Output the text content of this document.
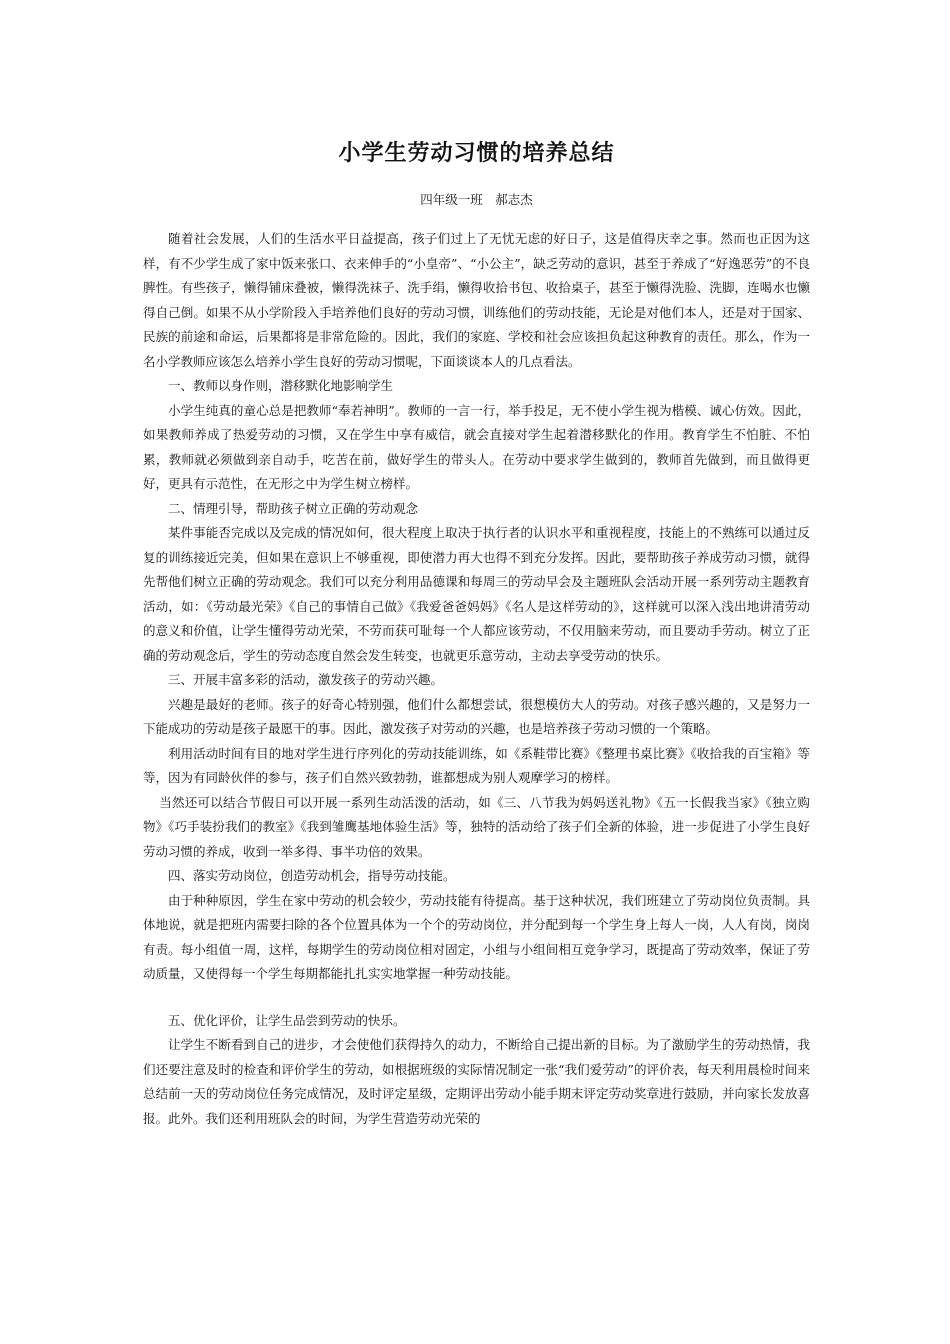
小学生劳动习惯的培养总结
四年级一班　郝志杰

随着社会发展，人们的生活水平日益提高，孩子们过上了无忧无虑的好日子，这是值得庆幸之事。然而也正因为这样，有不少学生成了家中饭来张口、衣来伸手的“小皇帝”、“小公主”，缺乏劳动的意识，甚至于养成了“好逸恶劳”的不良脾性。有些孩子，懒得铺床叠被，懒得洗袜子、洗手绢，懒得收拾书包、收拾桌子，甚至于懒得洗脸、洗脚，连喝水也懒得自己倒。如果不从小学阶段入手培养他们良好的劳动习惯，训练他们的劳动技能，无论是对他们本人，还是对于国家、民族的前途和命运，后果都将是非常危险的。因此，我们的家庭、学校和社会应该担负起这种教育的责任。那么，作为一名小学教师应该怎么培养小学生良好的劳动习惯呢，下面谈谈本人的几点看法。

一、教师以身作则，潜移默化地影响学生

小学生纯真的童心总是把教师“奉若神明”。教师的一言一行，举手投足，无不使小学生视为楷模、诚心仿效。因此，如果教师养成了热爱劳动的习惯，又在学生中享有威信，就会直接对学生起着潜移默化的作用。教育学生不怕脏、不怕累，教师就必须做到亲自动手，吃苦在前，做好学生的带头人。在劳动中要求学生做到的，教师首先做到，而且做得更好，更具有示范性，在无形之中为学生树立榜样。

二、情理引导，帮助孩子树立正确的劳动观念

某件事能否完成以及完成的情况如何，很大程度上取决于执行者的认识水平和重视程度，技能上的不熟练可以通过反复的训练接近完美，但如果在意识上不够重视，即使潜力再大也得不到充分发挥。因此，要帮助孩子养成劳动习惯，就得先帮他们树立正确的劳动观念。我们可以充分利用品德课和每周三的劳动早会及主题班队会活动开展一系列劳动主题教育活动，如：《劳动最光荣》《自己的事情自己做》《我爱爸爸妈妈》《名人是这样劳动的》，这样就可以深入浅出地讲清劳动的意义和价值，让学生懂得劳动光荣，不劳而获可耻每一个人都应该劳动，不仅用脑来劳动，而且要动手劳动。树立了正确的劳动观念后，学生的劳动态度自然会发生转变，也就更乐意劳动，主动去享受劳动的快乐。

三、开展丰富多彩的活动，激发孩子的劳动兴趣。

兴趣是最好的老师。孩子的好奇心特别强，他们什么都想尝试，很想模仿大人的劳动。对孩子感兴趣的，又是努力一下能成功的劳动是孩子最愿干的事。因此，激发孩子对劳动的兴趣，也是培养孩子劳动习惯的一个策略。

利用活动时间有目的地对学生进行序列化的劳动技能训练，如《系鞋带比赛》《整理书桌比赛》《收拾我的百宝箱》等等，因为有同龄伙伴的参与，孩子们自然兴致勃勃，谁都想成为别人观摩学习的榜样。

当然还可以结合节假日可以开展一系列生动活泼的活动，如《三、八节我为妈妈送礼物》《五一长假我当家》《独立购物》《巧手装扮我们的教室》《我到雏鹰基地体验生活》等，独特的活动给了孩子们全新的体验，进一步促进了小学生良好劳动习惯的养成，收到一举多得、事半功倍的效果。

四、落实劳动岗位，创造劳动机会，指导劳动技能。

由于种种原因，学生在家中劳动的机会较少，劳动技能有待提高。基于这种状况，我们班建立了劳动岗位负责制。具体地说，就是把班内需要扫除的各个位置具体为一个个的劳动岗位，并分配到每一个学生身上每人一岗，人人有岗，岗岗有责。每小组值一周，这样，每期学生的劳动岗位相对固定，小组与小组间相互竞争学习，既提高了劳动效率，保证了劳动质量，又使得每一个学生每期都能扎扎实实地掌握一种劳动技能。

五、优化评价，让学生品尝到劳动的快乐。

让学生不断看到自己的进步，才会使他们获得持久的动力，不断给自己提出新的目标。为了激励学生的劳动热情，我们还要注意及时的检查和评价学生的劳动，如根据班级的实际情况制定一张“我们爱劳动”的评价表，每天利用晨检时间来总结前一天的劳动岗位任务完成情况，及时评定星级，定期评出劳动小能手期末评定劳动奖章进行鼓励，并向家长发放喜报。此外。我们还利用班队会的时间，为学生营造劳动光荣的
